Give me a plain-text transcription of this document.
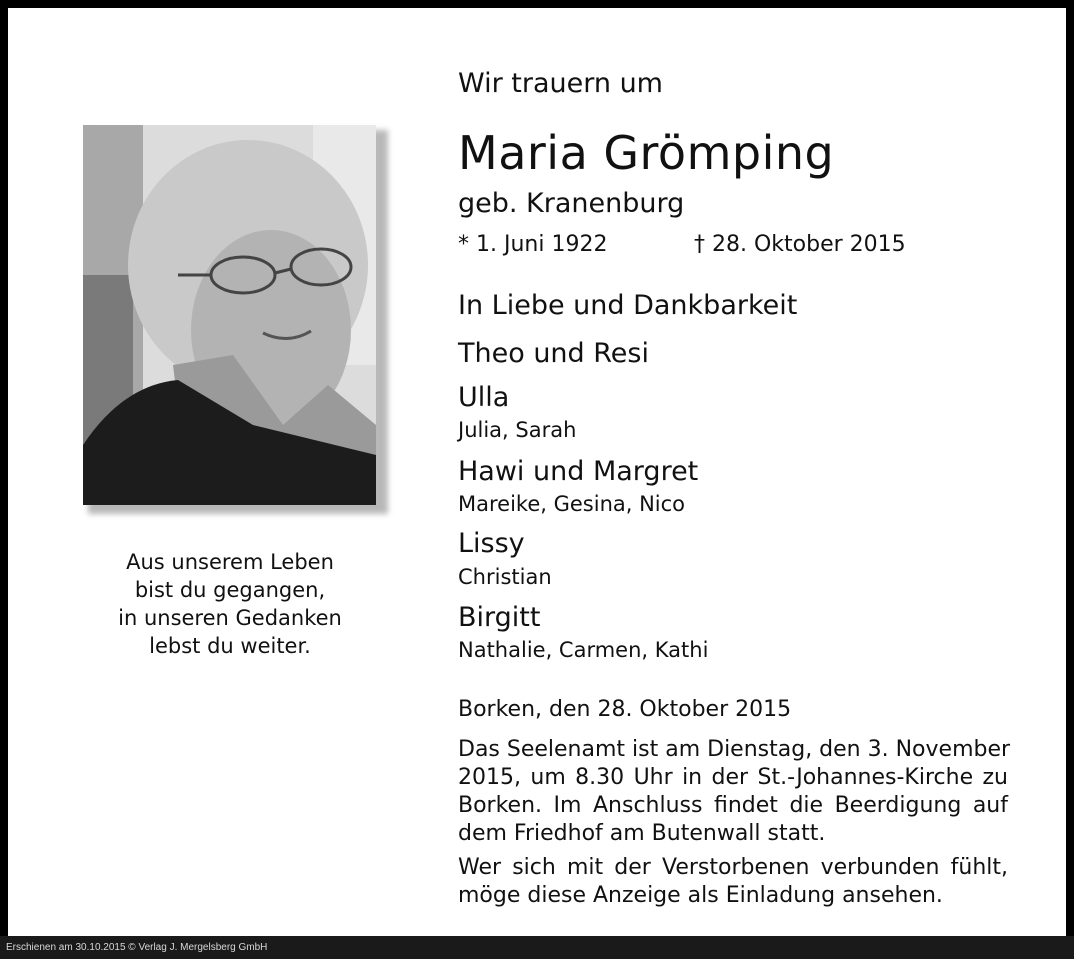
Aus unserem Leben
bist du gegangen,
in unseren Gedanken
lebst du weiter.
Wir trauern um
Maria Grömping
geb. Kranenburg
* 1. Juni 1922	† 28. Oktober 2015
In Liebe und Dankbarkeit
Theo und Resi
Ulla
Julia, Sarah
Hawi und Margret
Mareike, Gesina, Nico
Lissy
Christian
Birgitt
Nathalie, Carmen, Kathi
Borken, den 28. Oktober 2015
Das Seelenamt ist am Dienstag, den 3. November
2015, um 8.30 Uhr in der St.-Johannes-Kirche zu
Borken. Im Anschluss findet die Beerdigung auf
dem Friedhof am Butenwall statt.
Wer sich mit der Verstorbenen verbunden fühlt,
möge diese Anzeige als Einladung ansehen.
Erschienen am 30.10.2015 © Verlag J. Mergelsberg GmbH
